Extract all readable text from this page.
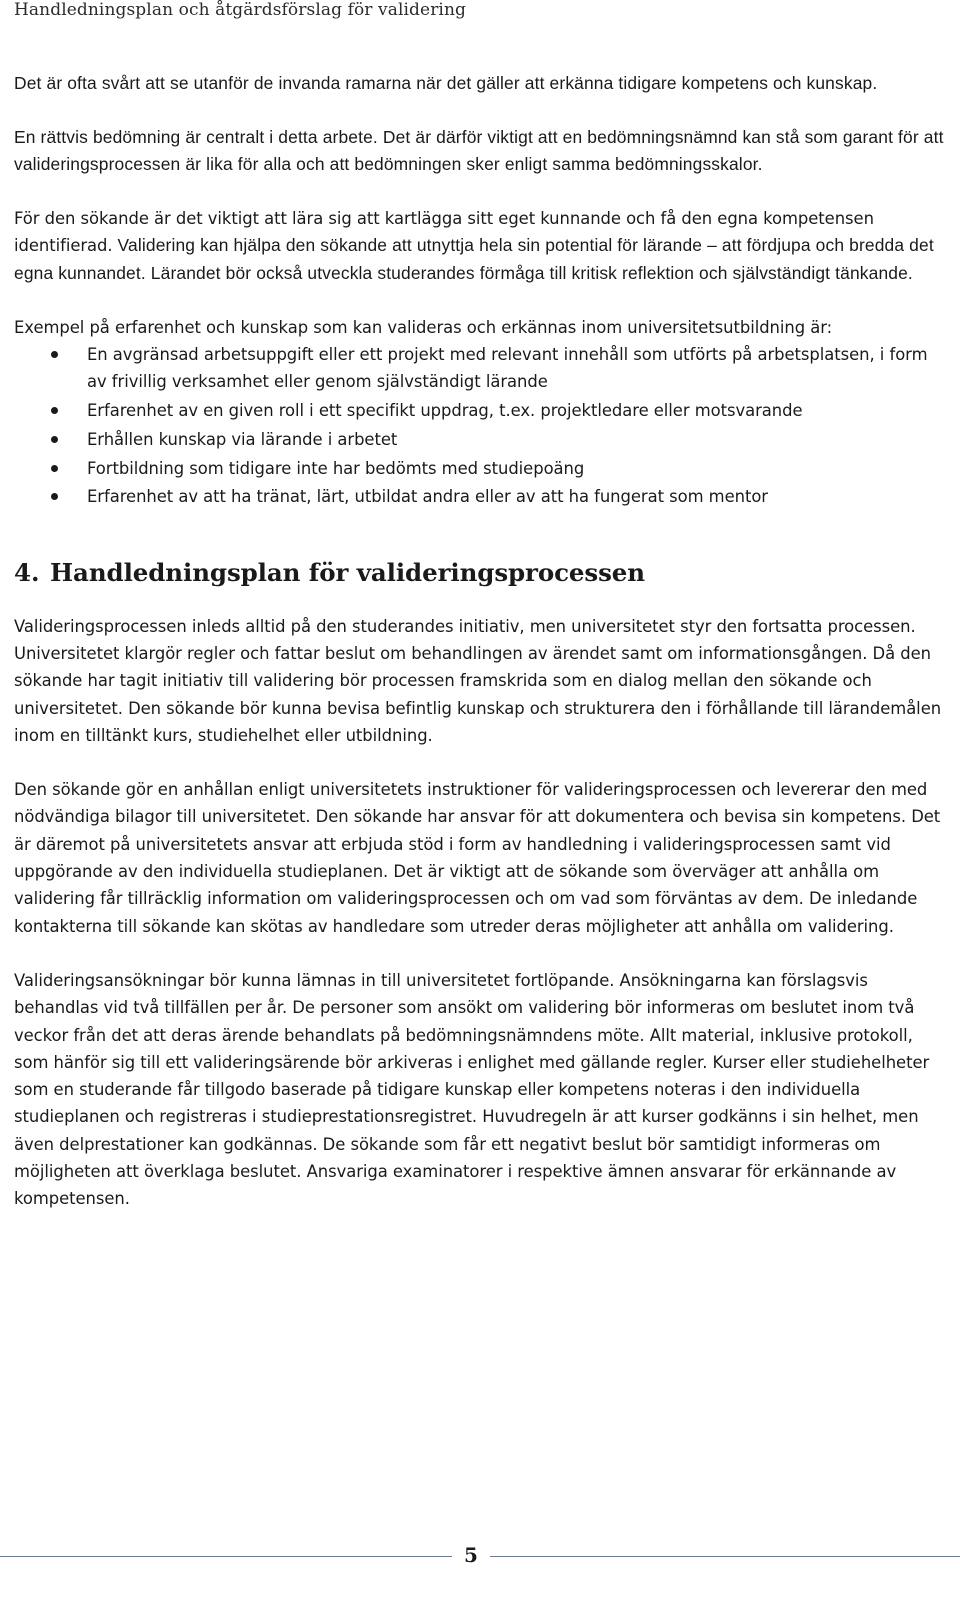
Handledningsplan och åtgärdsförslag för validering

Det är ofta svårt att se utanför de invanda ramarna när det gäller att erkänna tidigare kompetens och kunskap.

En rättvis bedömning är centralt i detta arbete. Det är därför viktigt att en bedömningsnämnd kan stå som garant för att valideringsprocessen är lika för alla och att bedömningen sker enligt samma bedömningsskalor.

För den sökande är det viktigt att lära sig att kartlägga sitt eget kunnande och få den egna kompetensen identifierad. Validering kan hjälpa den sökande att utnyttja hela sin potential för lärande – att fördjupa och bredda det egna kunnandet. Lärandet bör också utveckla studerandes förmåga till kritisk reflektion och självständigt tänkande.

Exempel på erfarenhet och kunskap som kan valideras och erkännas inom universitetsutbildning är:

En avgränsad arbetsuppgift eller ett projekt med relevant innehåll som utförts på arbetsplatsen, i form av frivillig verksamhet eller genom självständigt lärande
Erfarenhet av en given roll i ett specifikt uppdrag, t.ex. projektledare eller motsvarande
Erhållen kunskap via lärande i arbetet
Fortbildning som tidigare inte har bedömts med studiepoäng
Erfarenhet av att ha tränat, lärt, utbildat andra eller av att ha fungerat som mentor
4. Handledningsplan för valideringsprocessen

Valideringsprocessen inleds alltid på den studerandes initiativ, men universitetet styr den fortsatta processen. Universitetet klargör regler och fattar beslut om behandlingen av ärendet samt om informationsgången. Då den sökande har tagit initiativ till validering bör processen framskrida som en dialog mellan den sökande och universitetet. Den sökande bör kunna bevisa befintlig kunskap och strukturera den i förhållande till lärandemålen inom en tilltänkt kurs, studiehelhet eller utbildning.

Den sökande gör en anhållan enligt universitetets instruktioner för valideringsprocessen och levererar den med nödvändiga bilagor till universitetet. Den sökande har ansvar för att dokumentera och bevisa sin kompetens. Det är däremot på universitetets ansvar att erbjuda stöd i form av handledning i valideringsprocessen samt vid uppgörande av den individuella studieplanen. Det är viktigt att de sökande som överväger att anhålla om validering får tillräcklig information om valideringsprocessen och om vad som förväntas av dem. De inledande kontakterna till sökande kan skötas av handledare som utreder deras möjligheter att anhålla om validering.

Valideringsansökningar bör kunna lämnas in till universitetet fortlöpande. Ansökningarna kan förslagsvis behandlas vid två tillfällen per år. De personer som ansökt om validering bör informeras om beslutet inom två veckor från det att deras ärende behandlats på bedömningsnämndens möte. Allt material, inklusive protokoll, som hänför sig till ett valideringsärende bör arkiveras i enlighet med gällande regler. Kurser eller studiehelheter som en studerande får tillgodo baserade på tidigare kunskap eller kompetens noteras i den individuella studieplanen och registreras i studieprestationsregistret. Huvudregeln är att kurser godkänns i sin helhet, men även delprestationer kan godkännas. De sökande som får ett negativt beslut bör samtidigt informeras om möjligheten att överklaga beslutet. Ansvariga examinatorer i respektive ämnen ansvarar för erkännande av kompetensen.

5
